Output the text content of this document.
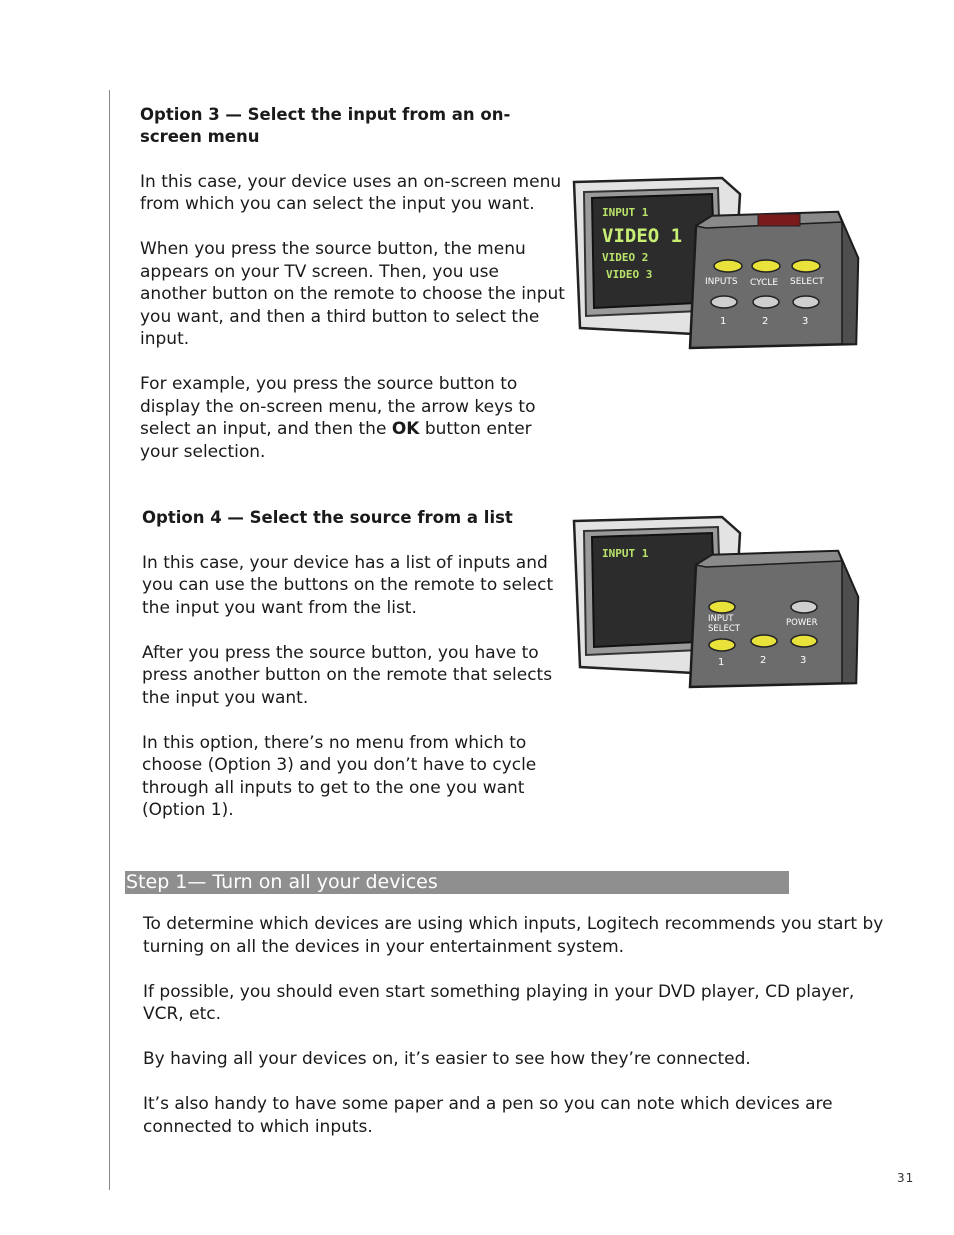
Option 3 — Select the input from an on-screen menu

In this case, your device uses an on-screen menu from which you can select the input you want.

When you press the source button, the menu appears on your TV screen. Then, you use another button on the remote to choose the input you want, and then a third button to select the input.

For example, you press the source button to display the on-screen menu, the arrow keys to select an input, and then the OK button enter your selection.

INPUT 1
VIDEO 1
VIDEO 2
VIDEO 3
INPUTS CYCLE SELECT
1	2	3
Option 4 — Select the source from a list

In this case, your device has a list of inputs and you can use the buttons on the remote to select the input you want from the list.

After you press the source button, you have to press another button on the remote that selects the input you want.

In this option, there’s no menu from which to choose (Option 3) and you don’t have to cycle through all inputs to get to the one you want (Option 1).

INPUT 1
INPUT
SELECT
POWER
1	2	3
Step 1— Turn on all your devices

To determine which devices are using which inputs, Logitech recommends you start by turning on all the devices in your entertainment system.

If possible, you should even start something playing in your DVD player, CD player, VCR, etc.

By having all your devices on, it’s easier to see how they’re connected.

It’s also handy to have some paper and a pen so you can note which devices are connected to which inputs.

31
